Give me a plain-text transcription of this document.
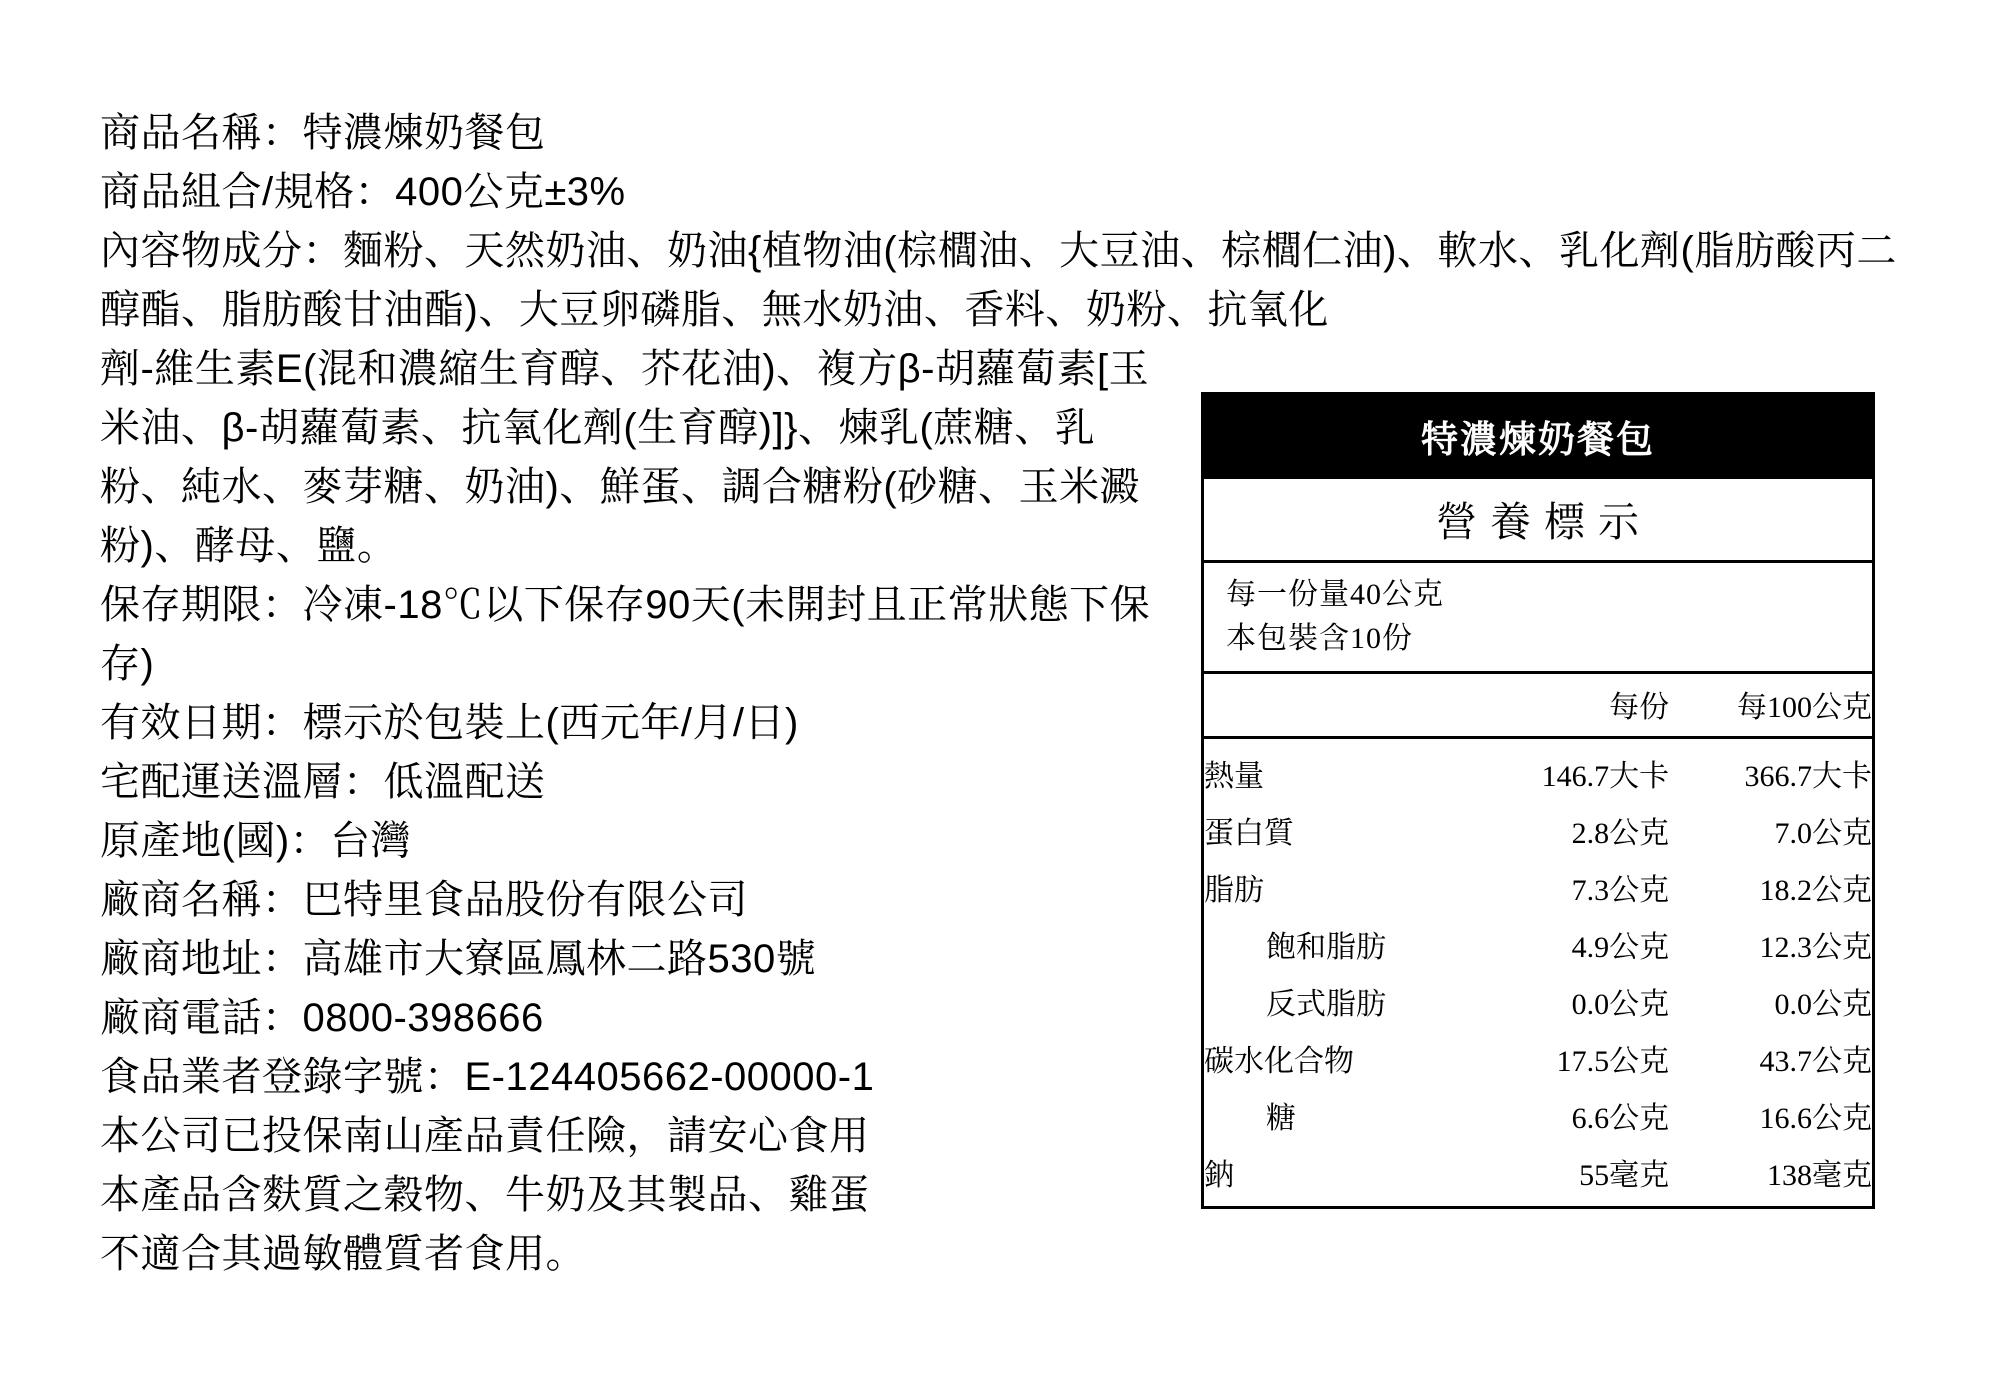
商品名稱：特濃煉奶餐包
商品組合/規格：400公克±3%
內容物成分：麵粉、天然奶油、奶油{植物油(棕櫚油、大豆油、棕櫚仁油)、軟水、乳化劑(脂肪酸丙二醇酯、脂肪酸甘油酯)、大豆卵磷脂、無水奶油、香料、奶粉、抗氧化
劑-維生素E(混和濃縮生育醇、芥花油)、複方β-胡蘿蔔素[玉米油、β-胡蘿蔔素、抗氧化劑(生育醇)]}、煉乳(蔗糖、乳粉、純水、麥芽糖、奶油)、鮮蛋、調合糖粉(砂糖、玉米澱粉)、酵母、鹽。
保存期限：冷凍-18℃以下保存90天(未開封且正常狀態下保存)
有效日期：標示於包裝上(西元年/月/日)
宅配運送溫層：低溫配送
原產地(國)：台灣
廠商名稱：巴特里食品股份有限公司
廠商地址：高雄市大寮區鳳林二路530號
廠商電話：0800-398666
食品業者登錄字號：E-124405662-00000-1
本公司已投保南山產品責任險，請安心食用
本產品含麩質之穀物、牛奶及其製品、雞蛋
不適合其過敏體質者食用。
特濃煉奶餐包
營養標示
每一份量40公克
本包裝含10份
	每份	每100公克
熱量	146.7大卡	366.7大卡
蛋白質	2.8公克	7.0公克
脂肪	7.3公克	18.2公克
飽和脂肪	4.9公克	12.3公克
反式脂肪	0.0公克	0.0公克
碳水化合物	17.5公克	43.7公克
糖	6.6公克	16.6公克
鈉	55毫克	138毫克
